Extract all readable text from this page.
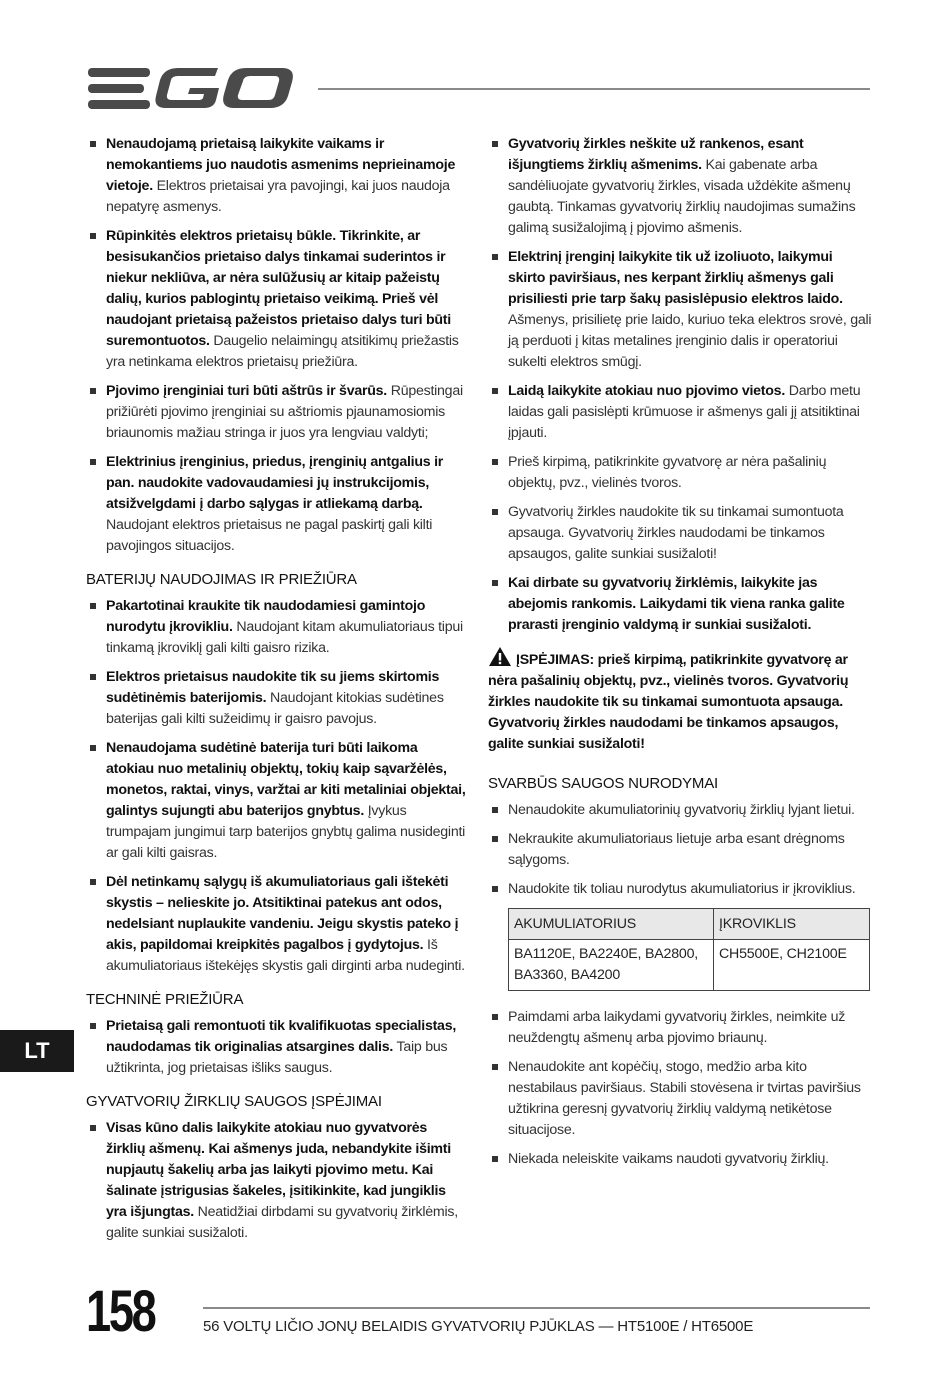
Nenaudojamą prietaisą laikykite vaikams ir nemokantiems juo naudotis asmenims neprieinamoje vietoje. Elektros prietaisai yra pavojingi, kai juos naudoja nepatyrę asmenys.
Rūpinkitės elektros prietaisų būkle. Tikrinkite, ar besisukančios prietaiso dalys tinkamai suderintos ir niekur nekliūva, ar nėra sulūžusių ar kitaip pažeistų dalių, kurios pablogintų prietaiso veikimą. Prieš vėl naudojant prietaisą pažeistos prietaiso dalys turi būti suremontuotos. Daugelio nelaimingų atsitikimų priežastis yra netinkama elektros prietaisų priežiūra.
Pjovimo įrenginiai turi būti aštrūs ir švarūs. Rūpestingai prižiūrėti pjovimo įrenginiai su aštriomis pjaunamosiomis briaunomis mažiau stringa ir juos yra lengviau valdyti;
Elektrinius įrenginius, priedus, įrenginių antgalius ir pan. naudokite vadovaudamiesi jų instrukcijomis, atsižvelgdami į darbo sąlygas ir atliekamą darbą. Naudojant elektros prietaisus ne pagal paskirtį gali kilti pavojingos situacijos.
BATERIJŲ NAUDOJIMAS IR PRIEŽIŪRA
Pakartotinai kraukite tik naudodamiesi gamintojo nurodytu įkrovikliu. Naudojant kitam akumuliatoriaus tipui tinkamą įkroviklį gali kilti gaisro rizika.
Elektros prietaisus naudokite tik su jiems skirtomis sudėtinėmis baterijomis. Naudojant kitokias sudėtines baterijas gali kilti sužeidimų ir gaisro pavojus.
Nenaudojama sudėtinė baterija turi būti laikoma atokiau nuo metalinių objektų, tokių kaip sąvaržėlės, monetos, raktai, vinys, varžtai ar kiti metaliniai objektai, galintys sujungti abu baterijos gnybtus. Įvykus trumpajam jungimui tarp baterijos gnybtų galima nusideginti ar gali kilti gaisras.
Dėl netinkamų sąlygų iš akumuliatoriaus gali ištekėti skystis – nelieskite jo. Atsitiktinai patekus ant odos, nedelsiant nuplaukite vandeniu. Jeigu skystis pateko į akis, papildomai kreipkitės pagalbos į gydytojus. Iš akumuliatoriaus ištekėjęs skystis gali dirginti arba nudeginti.
TECHNINĖ PRIEŽIŪRA
Prietaisą gali remontuoti tik kvalifikuotas specialistas, naudodamas tik originalias atsargines dalis. Taip bus užtikrinta, jog prietaisas išliks saugus.
GYVATVORIŲ ŽIRKLIŲ SAUGOS ĮSPĖJIMAI
Visas kūno dalis laikykite atokiau nuo gyvatvorės žirklių ašmenų. Kai ašmenys juda, nebandykite išimti nupjautų šakelių arba jas laikyti pjovimo metu. Kai šalinate įstrigusias šakeles, įsitikinkite, kad jungiklis yra išjungtas. Neatidžiai dirbdami su gyvatvorių žirklėmis, galite sunkiai susižaloti.
Gyvatvorių žirkles neškite už rankenos, esant išjungtiems žirklių ašmenims. Kai gabenate arba sandėliuojate gyvatvorių žirkles, visada uždėkite ašmenų gaubtą. Tinkamas gyvatvorių žirklių naudojimas sumažins galimą susižalojimą į pjovimo ašmenis.
Elektrinį įrenginį laikykite tik už izoliuoto, laikymui skirto paviršiaus, nes kerpant žirklių ašmenys gali prisiliesti prie tarp šakų pasislėpusio elektros laido. Ašmenys, prisilietę prie laido, kuriuo teka elektros srovė, gali ją perduoti į kitas metalines įrenginio dalis ir operatoriui sukelti elektros smūgį.
Laidą laikykite atokiau nuo pjovimo vietos. Darbo metu laidas gali pasislėpti krūmuose ir ašmenys gali jį atsitiktinai įpjauti.
Prieš kirpimą, patikrinkite gyvatvorę ar nėra pašalinių objektų, pvz., vielinės tvoros.
Gyvatvorių žirkles naudokite tik su tinkamai sumontuota apsauga. Gyvatvorių žirkles naudodami be tinkamos apsaugos, galite sunkiai susižaloti!
Kai dirbate su gyvatvorių žirklėmis, laikykite jas abejomis rankomis. Laikydami tik viena ranka galite prarasti įrenginio valdymą ir sunkiai susižaloti.
ĮSPĖJIMAS: prieš kirpimą, patikrinkite gyvatvorę ar nėra pašalinių objektų, pvz., vielinės tvoros. Gyvatvorių žirkles naudokite tik su tinkamai sumontuota apsauga. Gyvatvorių žirkles naudodami be tinkamos apsaugos, galite sunkiai susižaloti!
SVARBŪS SAUGOS NURODYMAI
Nenaudokite akumuliatorinių gyvatvorių žirklių lyjant lietui.
Nekraukite akumuliatoriaus lietuje arba esant drėgnoms sąlygoms.
Naudokite tik toliau nurodytus akumuliatorius ir įkroviklius.
AKUMULIATORIUS	ĮKROVIKLIS
BA1120E, BA2240E, BA2800, BA3360, BA4200	CH5500E, CH2100E
Paimdami arba laikydami gyvatvorių žirkles, neimkite už neuždengtų ašmenų arba pjovimo briaunų.
Nenaudokite ant kopėčių, stogo, medžio arba kito nestabilaus paviršiaus. Stabili stovėsena ir tvirtas paviršius užtikrina geresnį gyvatvorių žirklių valdymą netikėtose situacijose.
Niekada neleiskite vaikams naudoti gyvatvorių žirklių.
LT
158	56 VOLTŲ LIČIO JONŲ BELAIDIS GYVATVORIŲ PJŪKLAS — HT5100E / HT6500E
